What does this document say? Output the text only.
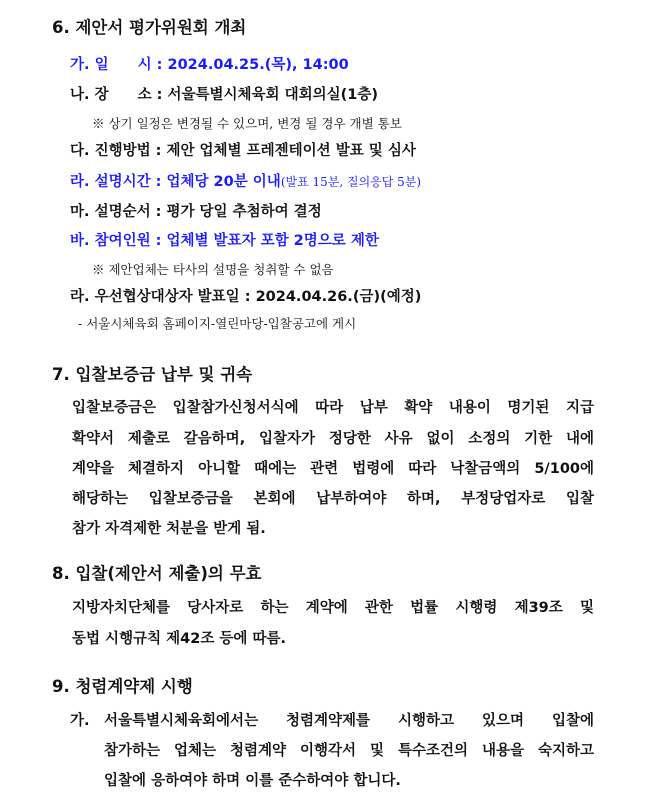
6. 제안서 평가위원회 개최
가. 일　　시 : 2024.04.25.(목), 14:00
나. 장　　소 : 서울특별시체육회 대회의실(1층)
※ 상기 일정은 변경될 수 있으며, 변경 될 경우 개별 통보
다. 진행방법 : 제안 업체별 프레젠테이션 발표 및 심사
라. 설명시간 : 업체당 20분 이내(발표 15분, 질의응답 5분)
마. 설명순서 : 평가 당일 추첨하여 결정
바. 참여인원 : 업체별 발표자 포함 2명으로 제한
※ 제안업체는 타사의 설명을 청취할 수 없음
라. 우선협상대상자 발표일 : 2024.04.26.(금)(예정)
- 서울시체육회 홈페이지-열린마당-입찰공고에 게시
7. 입찰보증금 납부 및 귀속
입찰보증금은 입찰참가신청서식에 따라 납부 확약 내용이 명기된 지급
확약서 제출로 갈음하며, 입찰자가 정당한 사유 없이 소정의 기한 내에
계약을 체결하지 아니할 때에는 관련 법령에 따라 낙찰금액의 5/100에
해당하는 입찰보증금을 본회에 납부하여야 하며, 부정당업자로 입찰
참가 자격제한 처분을 받게 됨.
8. 입찰(제안서 제출)의 무효
지방자치단체를 당사자로 하는 계약에 관한 법률 시행령 제39조 및
동법 시행규칙 제42조 등에 따름.
9. 청렴계약제 시행
가. 서울특별시체육회에서는 청렴계약제를 시행하고 있으며 입찰에
참가하는 업체는 청렴계약 이행각서 및 특수조건의 내용을 숙지하고
입찰에 응하여야 하며 이를 준수하여야 합니다.
